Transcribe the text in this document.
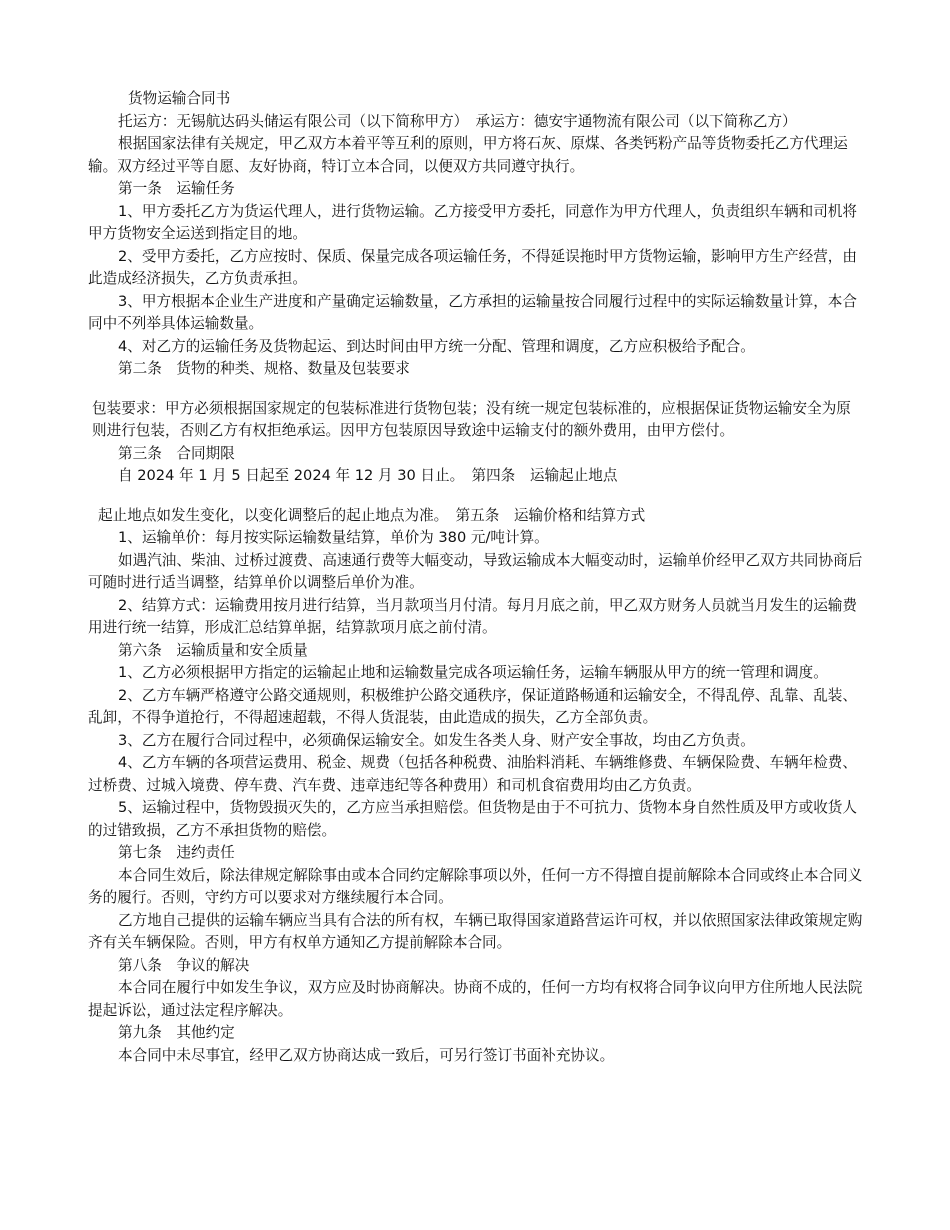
货物运输合同书
托运方：无锡航达码头储运有限公司（以下简称甲方）　承运方：德安宇通物流有限公司（以下简称乙方）
根据国家法律有关规定，甲乙双方本着平等互利的原则，甲方将石灰、原煤、各类钙粉产品等货物委托乙方代理运输。双方经过平等自愿、友好协商，特订立本合同，以便双方共同遵守执行。
第一条　运输任务
1、甲方委托乙方为货运代理人，进行货物运输。乙方接受甲方委托，同意作为甲方代理人，负责组织车辆和司机将甲方货物安全运送到指定目的地。
2、受甲方委托，乙方应按时、保质、保量完成各项运输任务，不得延误拖时甲方货物运输，影响甲方生产经营，由此造成经济损失，乙方负责承担。
3、甲方根据本企业生产进度和产量确定运输数量，乙方承担的运输量按合同履行过程中的实际运输数量计算，本合同中不列举具体运输数量。
4、对乙方的运输任务及货物起运、到达时间由甲方统一分配、管理和调度，乙方应积极给予配合。
第二条　货物的种类、规格、数量及包装要求
包装要求：甲方必须根据国家规定的包装标准进行货物包装；没有统一规定包装标准的，应根据保证货物运输安全为原则进行包装，否则乙方有权拒绝承运。因甲方包装原因导致途中运输支付的额外费用，由甲方偿付。
第三条　合同期限
自 2024 年 1 月 5 日起至 2024 年 12 月 30 日止。　第四条　运输起止地点
起止地点如发生变化，以变化调整后的起止地点为准。　第五条　运输价格和结算方式
1、运输单价：每月按实际运输数量结算，单价为 380 元/吨计算。
如遇汽油、柴油、过桥过渡费、高速通行费等大幅变动，导致运输成本大幅变动时，运输单价经甲乙双方共同协商后可随时进行适当调整，结算单价以调整后单价为准。
2、结算方式：运输费用按月进行结算，当月款项当月付清。每月月底之前，甲乙双方财务人员就当月发生的运输费用进行统一结算，形成汇总结算单据，结算款项月底之前付清。
第六条　运输质量和安全质量
1、乙方必须根据甲方指定的运输起止地和运输数量完成各项运输任务，运输车辆服从甲方的统一管理和调度。
2、乙方车辆严格遵守公路交通规则，积极维护公路交通秩序，保证道路畅通和运输安全，不得乱停、乱靠、乱装、乱卸，不得争道抢行，不得超速超载，不得人货混装，由此造成的损失，乙方全部负责。
3、乙方在履行合同过程中，必须确保运输安全。如发生各类人身、财产安全事故，均由乙方负责。
4、乙方车辆的各项营运费用、税金、规费（包括各种税费、油胎料消耗、车辆维修费、车辆保险费、车辆年检费、过桥费、过城入境费、停车费、汽车费、违章违纪等各种费用）和司机食宿费用均由乙方负责。
5、运输过程中，货物毁损灭失的，乙方应当承担赔偿。但货物是由于不可抗力、货物本身自然性质及甲方或收货人的过错致损，乙方不承担货物的赔偿。
第七条　违约责任
本合同生效后，除法律规定解除事由或本合同约定解除事项以外，任何一方不得擅自提前解除本合同或终止本合同义务的履行。否则，守约方可以要求对方继续履行本合同。
乙方地自己提供的运输车辆应当具有合法的所有权，车辆已取得国家道路营运许可权，并以依照国家法律政策规定购齐有关车辆保险。否则，甲方有权单方通知乙方提前解除本合同。
第八条　争议的解决
本合同在履行中如发生争议，双方应及时协商解决。协商不成的，任何一方均有权将合同争议向甲方住所地人民法院提起诉讼，通过法定程序解决。
第九条　其他约定
本合同中未尽事宜，经甲乙双方协商达成一致后，可另行签订书面补充协议。
